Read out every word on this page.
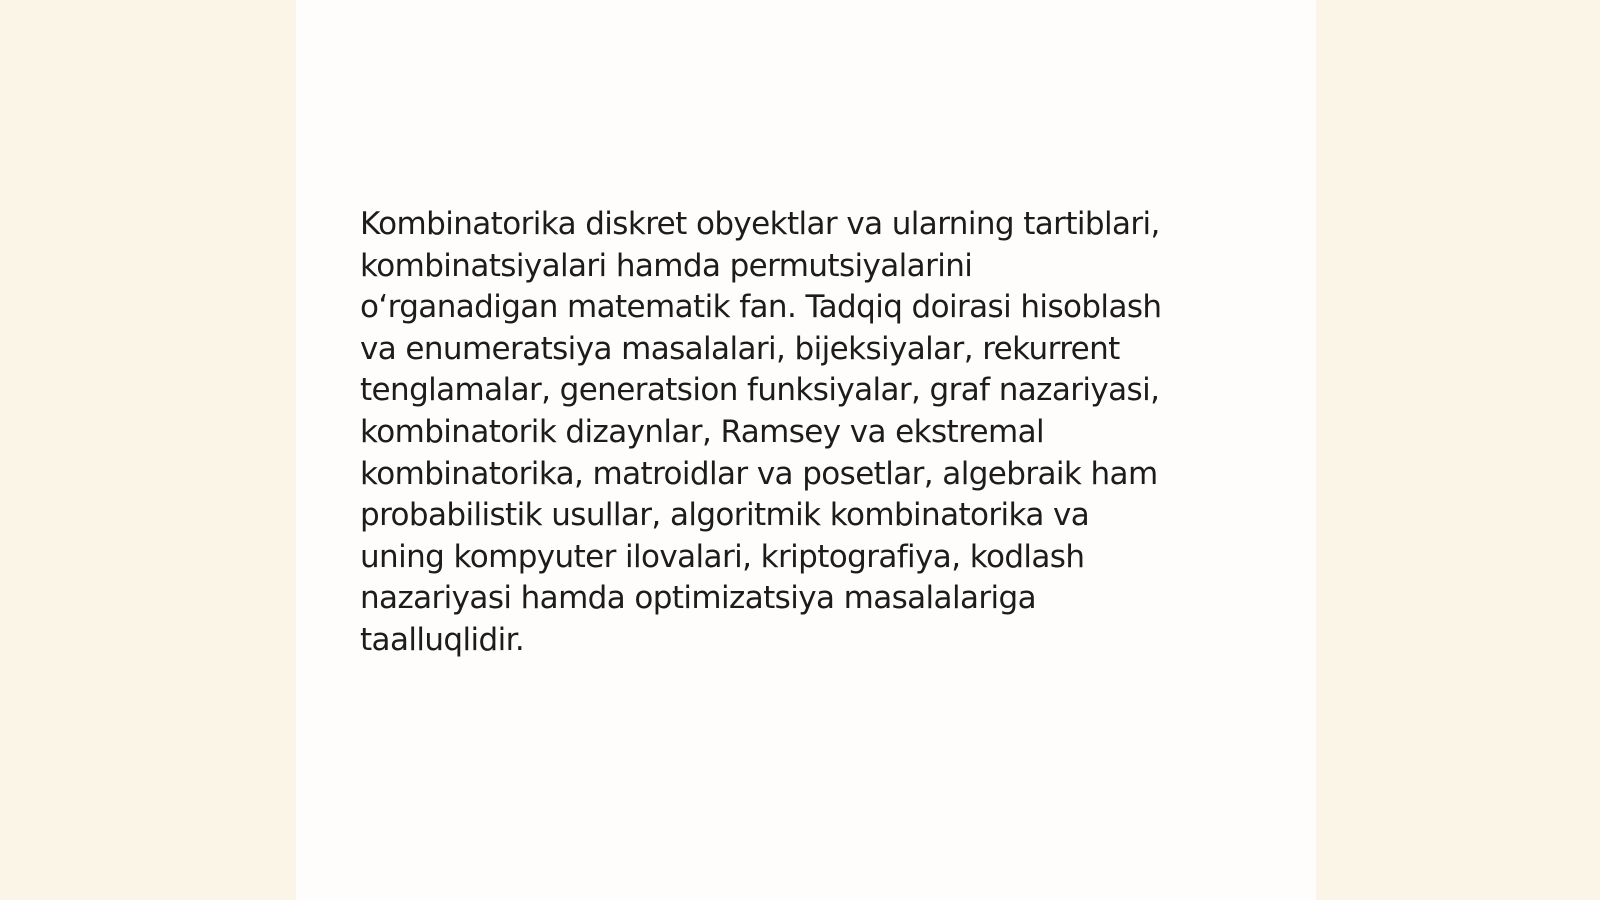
Kombinatorika diskret obyektlar va ularning tartiblari,
kombinatsiyalari hamda permutsiyalarini
o‘rganadigan matematik fan. Tadqiq doirasi hisoblash
va enumeratsiya masalalari, bijeksiyalar, rekurrent
tenglamalar, generatsion funksiyalar, graf nazariyasi,
kombinatorik dizaynlar, Ramsey va ekstremal
kombinatorika, matroidlar va posetlar, algebraik ham
probabilistik usullar, algoritmik kombinatorika va
uning kompyuter ilovalari, kriptografiya, kodlash
nazariyasi hamda optimizatsiya masalalariga
taalluqlidir.
